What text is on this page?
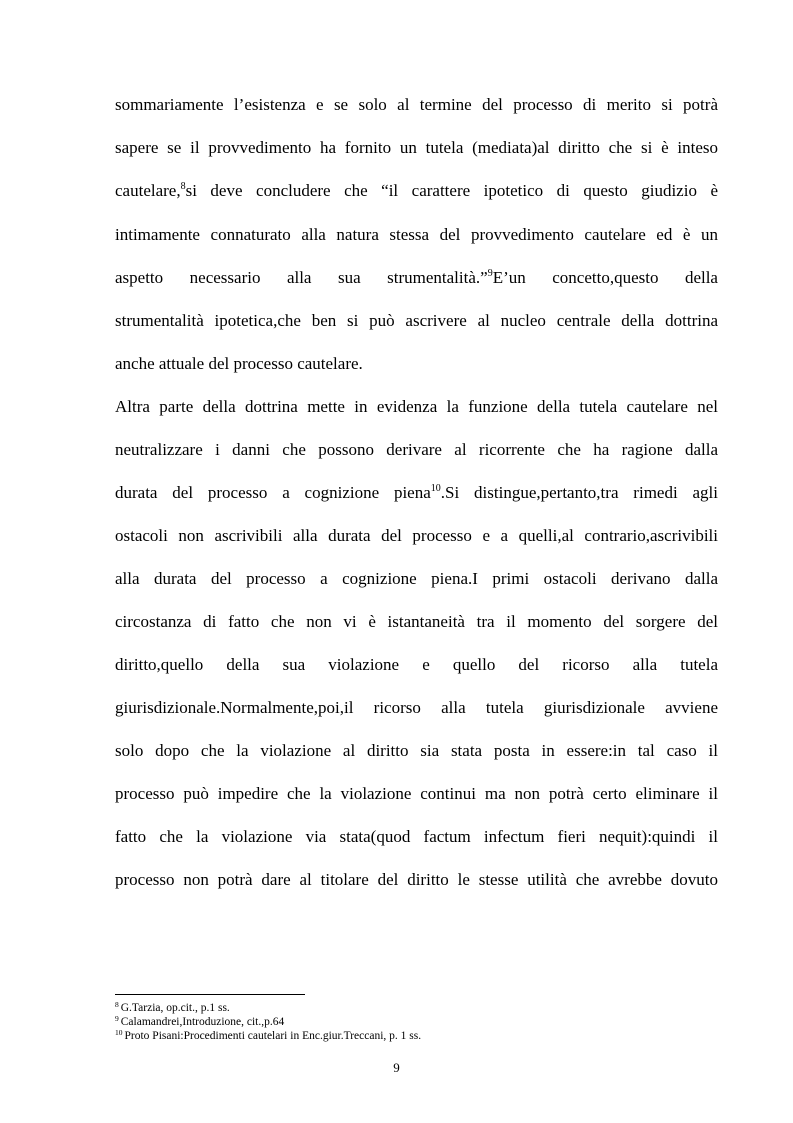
sommariamente l’esistenza e se solo al termine del processo di merito si potrà
sapere se il provvedimento ha fornito un tutela (mediata)al diritto che si è inteso
cautelare,$^8$si deve concludere che “il carattere ipotetico di questo giudizio è
intimamente connaturato alla natura stessa del provvedimento cautelare ed è un
aspetto necessario alla sua strumentalità.”$^9$E’un concetto,questo della
strumentalità ipotetica,che ben si può ascrivere al nucleo centrale della dottrina
anche attuale del processo cautelare.
Altra parte della dottrina mette in evidenza la funzione della tutela cautelare nel
neutralizzare i danni che possono derivare al ricorrente che ha ragione dalla
durata del processo a cognizione piena$^{10}$.Si distingue,pertanto,tra rimedi agli
ostacoli non ascrivibili alla durata del processo e a quelli,al contrario,ascrivibili
alla durata del processo a cognizione piena.I primi ostacoli derivano dalla
circostanza di fatto che non vi è istantaneità tra il momento del sorgere del
diritto,quello della sua violazione e quello del ricorso alla tutela
giurisdizionale.Normalmente,poi,il ricorso alla tutela giurisdizionale avviene
solo dopo che la violazione al diritto sia stata posta in essere:in tal caso il
processo può impedire che la violazione continui ma non potrà certo eliminare il
fatto che la violazione via stata(quod factum infectum fieri nequit):quindi il
processo non potrà dare al titolare del diritto le stesse utilità che avrebbe dovuto
$^8$ G.Tarzia, op.cit., p.1 ss.
$^9$ Calamandrei,Introduzione, cit.,p.64
$^{10}$ Proto Pisani:Procedimenti cautelari in Enc.giur.Treccani, p. 1 ss.
9
